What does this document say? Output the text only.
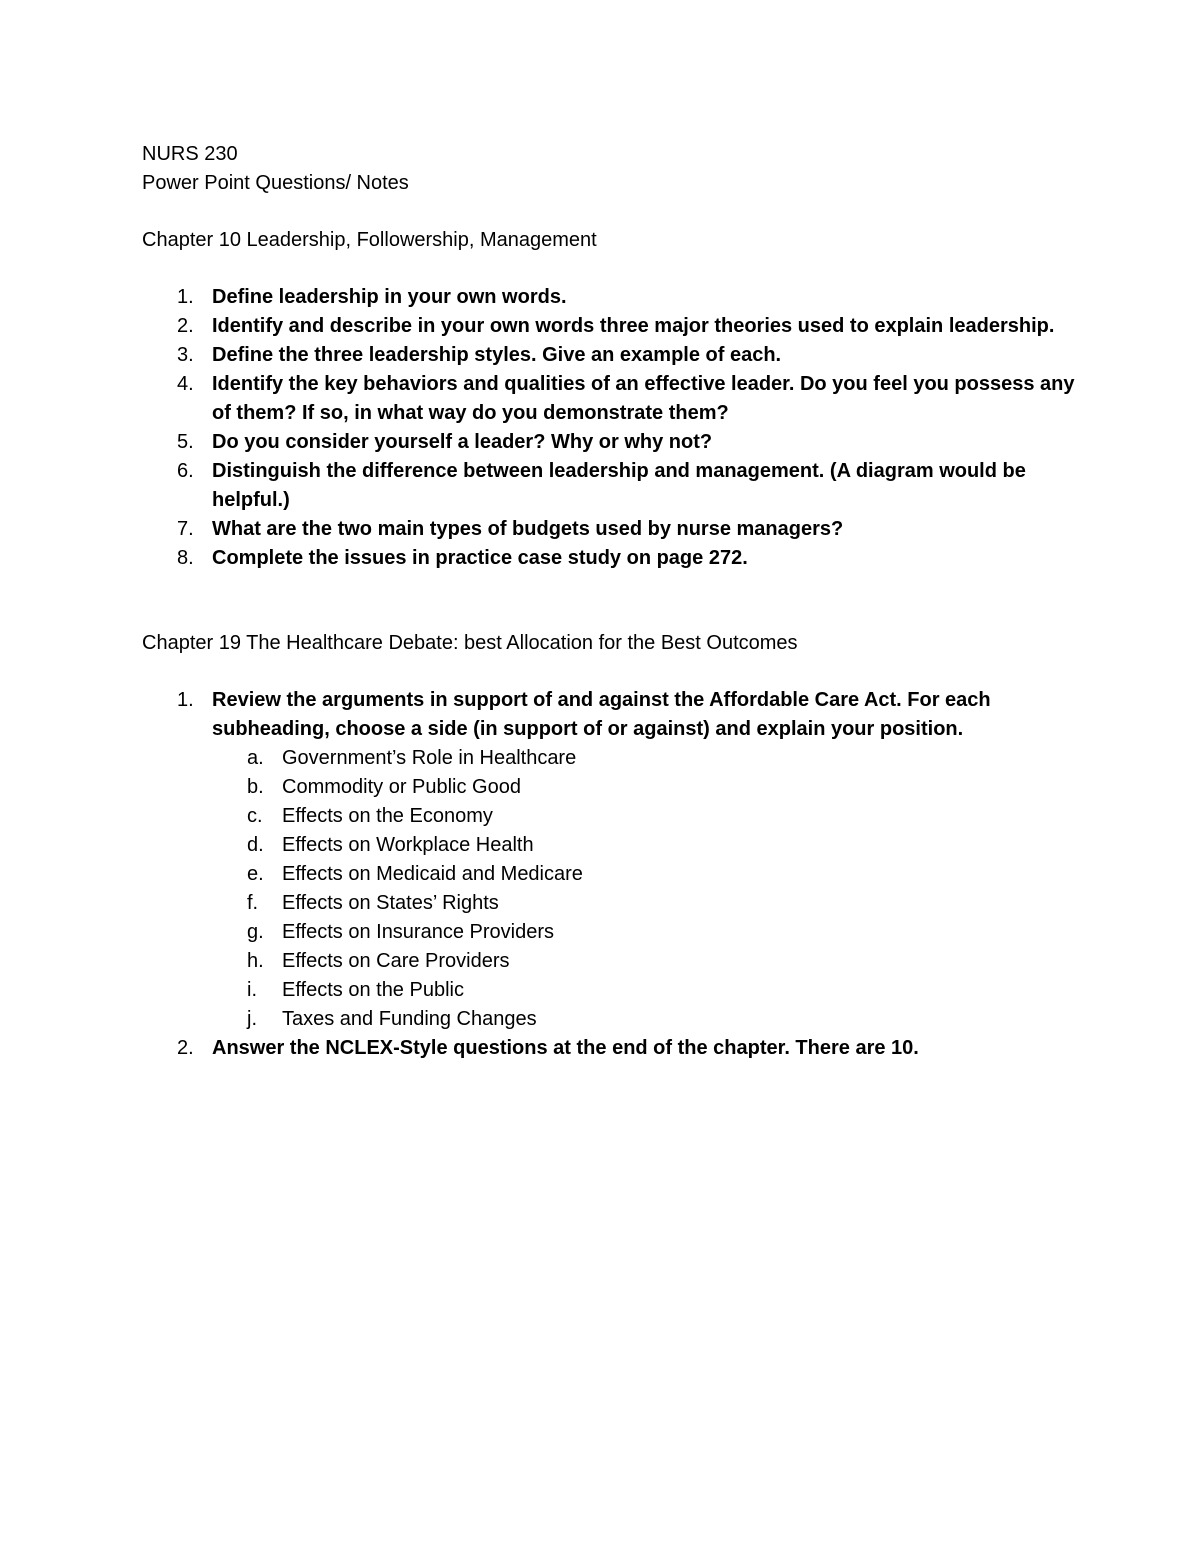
NURS 230

Power Point Questions/ Notes

Chapter 10 Leadership, Followership, Management

1. Define leadership in your own words.
2. Identify and describe in your own words three major theories used to explain leadership.
3. Define the three leadership styles. Give an example of each.
4. Identify the key behaviors and qualities of an effective leader. Do you feel you possess any of them? If so, in what way do you demonstrate them?
5. Do you consider yourself a leader? Why or why not?
6. Distinguish the difference between leadership and management. (A diagram would be helpful.)
7. What are the two main types of budgets used by nurse managers?
8. Complete the issues in practice case study on page 272.

Chapter 19 The Healthcare Debate: best Allocation for the Best Outcomes

1. Review the arguments in support of and against the Affordable Care Act. For each subheading, choose a side (in support of or against) and explain your position.
a. Government’s Role in Healthcare
b. Commodity or Public Good
c. Effects on the Economy
d. Effects on Workplace Health
e. Effects on Medicaid and Medicare
f. Effects on States’ Rights
g. Effects on Insurance Providers
h. Effects on Care Providers
i. Effects on the Public
j. Taxes and Funding Changes
2. Answer the NCLEX-Style questions at the end of the chapter. There are 10.
